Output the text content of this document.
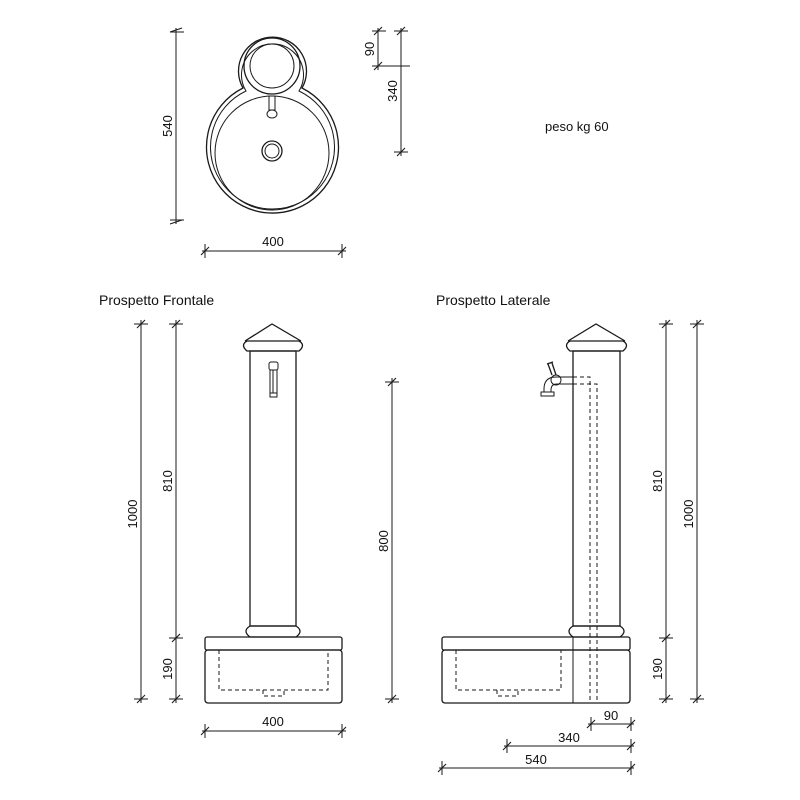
540
400
90
340
peso kg 60
Prospetto Frontale
1000
810
190
800
400
Prospetto Laterale
810
190
1000
90
340
540
